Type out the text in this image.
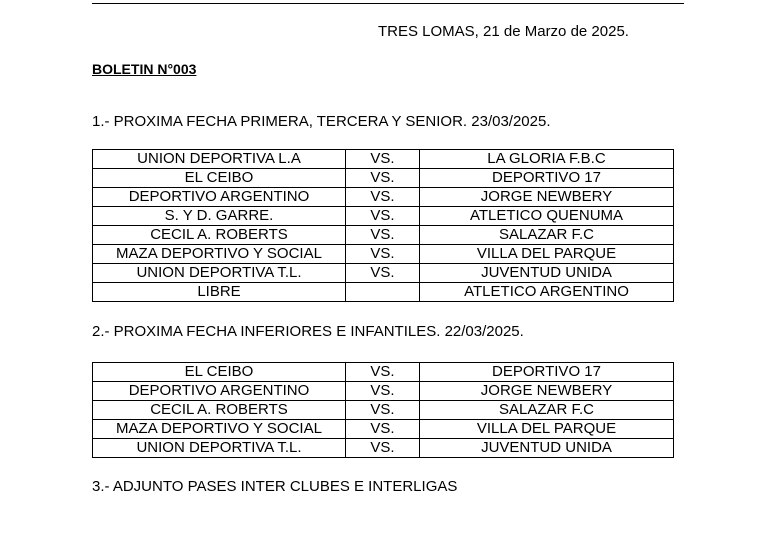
TRES LOMAS, 21 de Marzo de 2025.
BOLETIN N°003
1.- PROXIMA FECHA PRIMERA, TERCERA Y SENIOR. 23/03/2025.
UNION DEPORTIVA L.A	VS.	LA GLORIA F.B.C
EL CEIBO	VS.	DEPORTIVO 17
DEPORTIVO ARGENTINO	VS.	JORGE NEWBERY
S. Y D. GARRE.	VS.	ATLETICO QUENUMA
CECIL A. ROBERTS	VS.	SALAZAR F.C
MAZA DEPORTIVO Y SOCIAL	VS.	VILLA DEL PARQUE
UNION DEPORTIVA T.L.	VS.	JUVENTUD UNIDA
LIBRE		ATLETICO ARGENTINO
2.- PROXIMA FECHA INFERIORES E INFANTILES. 22/03/2025.
EL CEIBO	VS.	DEPORTIVO 17
DEPORTIVO ARGENTINO	VS.	JORGE NEWBERY
CECIL A. ROBERTS	VS.	SALAZAR F.C
MAZA DEPORTIVO Y SOCIAL	VS.	VILLA DEL PARQUE
UNION DEPORTIVA T.L.	VS.	JUVENTUD UNIDA
3.- ADJUNTO PASES INTER CLUBES E INTERLIGAS
